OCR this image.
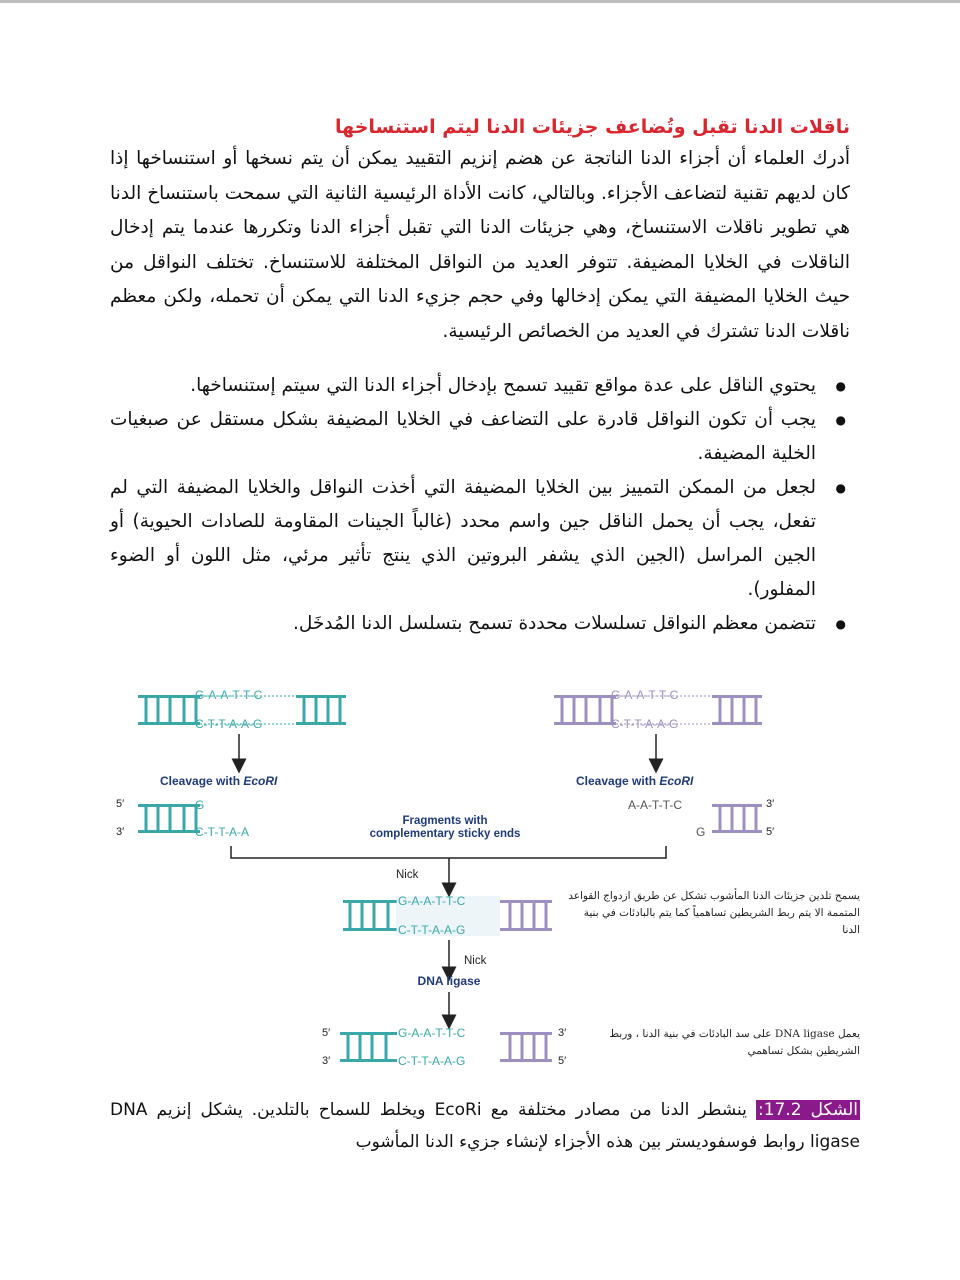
ناقلات الدنا تقبل وتُضاعف جزيئات الدنا ليتم استنساخها

أدرك العلماء أن أجزاء الدنا الناتجة عن هضم إنزيم التقييد يمكن أن يتم نسخها أو استنساخها إذا كان لديهم تقنية لتضاعف الأجزاء. وبالتالي، كانت الأداة الرئيسية الثانية التي سمحت باستنساخ الدنا هي تطوير ناقلات الاستنساخ، وهي جزيئات الدنا التي تقبل أجزاء الدنا وتكررها عندما يتم إدخال الناقلات في الخلايا المضيفة. تتوفر العديد من النواقل المختلفة للاستنساخ. تختلف النواقل من حيث الخلايا المضيفة التي يمكن إدخالها وفي حجم جزيء الدنا التي يمكن أن تحمله، ولكن معظم ناقلات الدنا تشترك في العديد من الخصائص الرئيسية.

● يحتوي الناقل على عدة مواقع تقييد تسمح بإدخال أجزاء الدنا التي سيتم إستنساخها.
● يجب أن تكون النواقل قادرة على التضاعف في الخلايا المضيفة بشكل مستقل عن صبغيات الخلية المضيفة.
● لجعل من الممكن التمييز بين الخلايا المضيفة التي أخذت النواقل والخلايا المضيفة التي لم تفعل، يجب أن يحمل الناقل جين واسم محدد (غالباً الجينات المقاومة للصادات الحيوية) أو الجين المراسل (الجين الذي يشفر البروتين الذي ينتج تأثير مرئي، مثل اللون أو الضوء المفلور).
● تتضمن معظم النواقل تسلسلات محددة تسمح بتسلسل الدنا المُدخَل.
G-A-A-T-T-C
C-T-T-A-A-G
G-A-A-T-T-C
C-T-T-A-A-G
Cleavage with EcoRI	Cleavage with EcoRI
5′
3′
G
C-T-T-A-A
Fragments with
complementary sticky ends
A-A-T-T-C
G
3′
5′
Nick
G-A-A-T-T-C
C-T-T-A-A-G
Nick
DNA ligase
5′
3′
G-A-A-T-T-C
C-T-T-A-A-G
3′
5′
يسمح تلدين جزيئات الدنا المأشوب تشكل عن طريق ازدواج القواعد المتممة الا يتم ربط الشريطين تساهمياً كما يتم بالبادئات في بنية الدنا
يعمل DNA ligase على سد البادئات في بنية الدنا ، وربط الشريطين بشكل تساهمي
الشكل 17.2: ينشطر الدنا من مصادر مختلفة مع EcoRi ويخلط للسماح بالتلدين. يشكل إنزيم DNA ligase روابط فوسفوديستر بين هذه الأجزاء لإنشاء جزيء الدنا المأشوب
